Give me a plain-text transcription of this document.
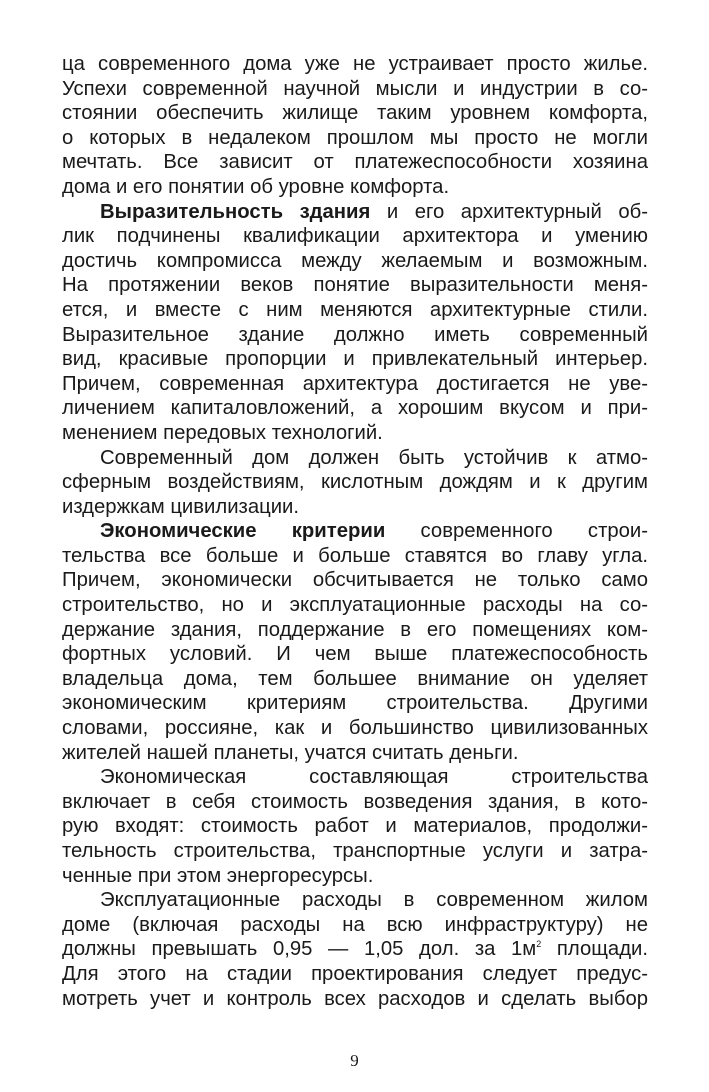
ца современного дома уже не устраивает просто жилье.
Успехи современной научной мысли и индустрии в со-
стоянии обеспечить жилище таким уровнем комфорта,
о которых в недалеком прошлом мы просто не могли
мечтать. Все зависит от платежеспособности хозяина
дома и его понятии об уровне комфорта.
Выразительность здания и его архитектурный об-
лик подчинены квалификации архитектора и умению
достичь компромисса между желаемым и возможным.
На протяжении веков понятие выразительности меня-
ется, и вместе с ним меняются архитектурные стили.
Выразительное здание должно иметь современный
вид, красивые пропорции и привлекательный интерьер.
Причем, современная архитектура достигается не уве-
личением капиталовложений, а хорошим вкусом и при-
менением передовых технологий.
Современный дом должен быть устойчив к атмо-
сферным воздействиям, кислотным дождям и к другим
издержкам цивилизации.
Экономические критерии современного строи-
тельства все больше и больше ставятся во главу угла.
Причем, экономически обсчитывается не только само
строительство, но и эксплуатационные расходы на со-
держание здания, поддержание в его помещениях ком-
фортных условий. И чем выше платежеспособность
владельца дома, тем большее внимание он уделяет
экономическим критериям строительства. Другими
словами, россияне, как и большинство цивилизованных
жителей нашей планеты, учатся считать деньги.
Экономическая составляющая строительства
включает в себя стоимость возведения здания, в кото-
рую входят: стоимость работ и материалов, продолжи-
тельность строительства, транспортные услуги и затра-
ченные при этом энергоресурсы.
Эксплуатационные расходы в современном жилом
доме (включая расходы на всю инфраструктуру) не
должны превышать 0,95 — 1,05 дол. за $1м^2$ площади.
Для этого на стадии проектирования следует предус-
мотреть учет и контроль всех расходов и сделать выбор
9
